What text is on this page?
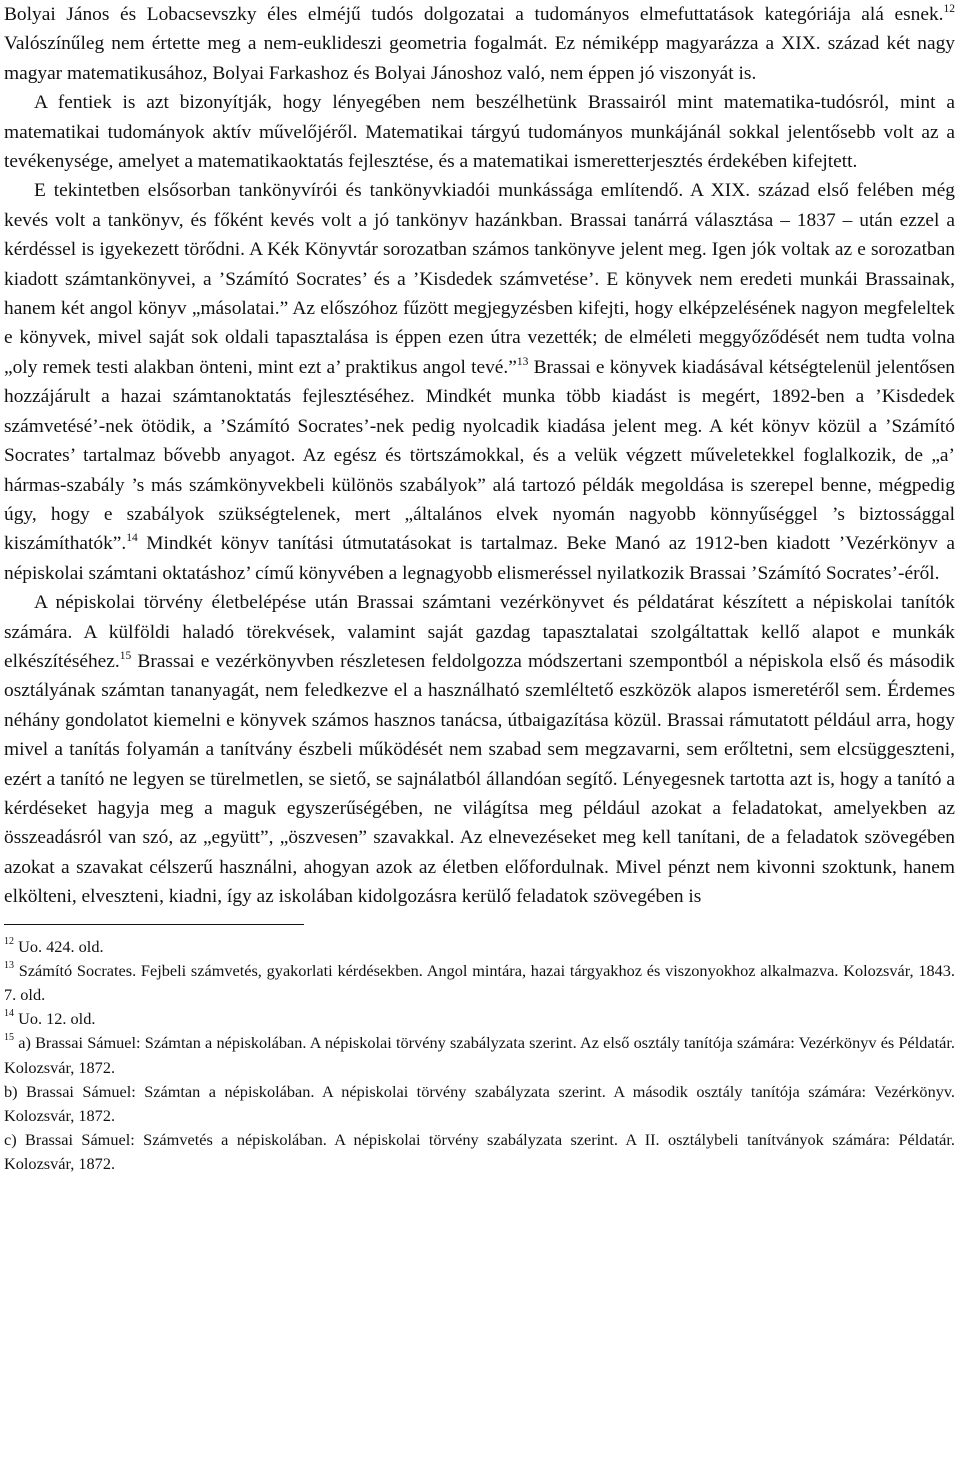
Bolyai János és Lobacsevszky éles elméjű tudós dolgozatai a tudományos elmefuttatások kategóriája alá esnek.$^{12}$ Valószínűleg nem értette meg a nem-euklideszi geometria fogalmát. Ez némiképp magyarázza a XIX. század két nagy magyar matematikusához, Bolyai Farkashoz és Bolyai Jánoshoz való, nem éppen jó viszonyát is.

A fentiek is azt bizonyítják, hogy lényegében nem beszélhetünk Brassairól mint matematika-tudósról, mint a matematikai tudományok aktív művelőjéről. Matematikai tárgyú tudományos munkájánál sokkal jelentősebb volt az a tevékenysége, amelyet a matematikaoktatás fejlesztése, és a matematikai ismeretterjesztés érdekében kifejtett.

E tekintetben elsősorban tankönyvírói és tankönyvkiadói munkássága említendő. A XIX. század első felében még kevés volt a tankönyv, és főként kevés volt a jó tankönyv hazánkban. Brassai tanárrá választása – 1837 – után ezzel a kérdéssel is igyekezett törődni. A Kék Könyvtár sorozatban számos tankönyve jelent meg. Igen jók voltak az e sorozatban kiadott számtankönyvei, a ’Számító Socrates’ és a ’Kisdedek számvetése’. E könyvek nem eredeti munkái Brassainak, hanem két angol könyv „másolatai.” Az előszóhoz fűzött megjegyzésben kifejti, hogy elképzelésének nagyon megfeleltek e könyvek, mivel saját sok oldali tapasztalása is éppen ezen útra vezették; de elméleti meggyőződését nem tudta volna „oly remek testi alakban önteni, mint ezt a’ praktikus angol tevé.”$^{13}$ Brassai e könyvek kiadásával kétségtelenül jelentősen hozzájárult a hazai számtanoktatás fejlesztéséhez. Mindkét munka több kiadást is megért, 1892-ben a ’Kisdedek számvetésé’-nek ötödik, a ’Számító Socrates’-nek pedig nyolcadik kiadása jelent meg. A két könyv közül a ’Számító Socrates’ tartalmaz bővebb anyagot. Az egész és törtszámokkal, és a velük végzett műveletekkel foglalkozik, de „a’ hármas-szabály ’s más számkönyvekbeli különös szabályok” alá tartozó példák megoldása is szerepel benne, mégpedig úgy, hogy e szabályok szükségtelenek, mert „általános elvek nyomán nagyobb könnyűséggel ’s biztossággal kiszámíthatók”.$^{14}$ Mindkét könyv tanítási útmutatásokat is tartalmaz. Beke Manó az 1912-ben kiadott ’Vezérkönyv a népiskolai számtani oktatáshoz’ című könyvében a legnagyobb elismeréssel nyilatkozik Brassai ’Számító Socrates’-éről.

A népiskolai törvény életbelépése után Brassai számtani vezérkönyvet és példatárat készített a népiskolai tanítók számára. A külföldi haladó törekvések, valamint saját gazdag tapasztalatai szolgáltattak kellő alapot e munkák elkészítéséhez.$^{15}$ Brassai e vezérkönyvben részletesen feldolgozza módszertani szempontból a népiskola első és második osztályának számtan tananyagát, nem feledkezve el a használható szemléltető eszközök alapos ismeretéről sem. Érdemes néhány gondolatot kiemelni e könyvek számos hasznos tanácsa, útbaigazítása közül. Brassai rámutatott például arra, hogy mivel a tanítás folyamán a tanítvány észbeli működését nem szabad sem megzavarni, sem erőltetni, sem elcsüggeszteni, ezért a tanító ne legyen se türelmetlen, se siető, se sajnálatból állandóan segítő. Lényegesnek tartotta azt is, hogy a tanító a kérdéseket hagyja meg a maguk egyszerűségében, ne világítsa meg például azokat a feladatokat, amelyekben az összeadásról van szó, az „együtt”, „öszvesen” szavakkal. Az elnevezéseket meg kell tanítani, de a feladatok szövegében azokat a szavakat célszerű használni, ahogyan azok az életben előfordulnak. Mivel pénzt nem kivonni szoktunk, hanem elkölteni, elveszteni, kiadni, így az iskolában kidolgozásra kerülő feladatok szövegében is

$^{12}$ Uo. 424. old.
$^{13}$ Számító Socrates. Fejbeli számvetés, gyakorlati kérdésekben. Angol mintára, hazai tárgyakhoz és viszonyokhoz alkalmazva. Kolozsvár, 1843. 7. old.
$^{14}$ Uo. 12. old.
$^{15}$ a) Brassai Sámuel: Számtan a népiskolában. A népiskolai törvény szabályzata szerint. Az első osztály tanítója számára: Vezérkönyv és Példatár. Kolozsvár, 1872.
b) Brassai Sámuel: Számtan a népiskolában. A népiskolai törvény szabályzata szerint. A második osztály tanítója számára: Vezérkönyv. Kolozsvár, 1872.
c) Brassai Sámuel: Számvetés a népiskolában. A népiskolai törvény szabályzata szerint. A II. osztálybeli tanítványok számára: Példatár. Kolozsvár, 1872.
